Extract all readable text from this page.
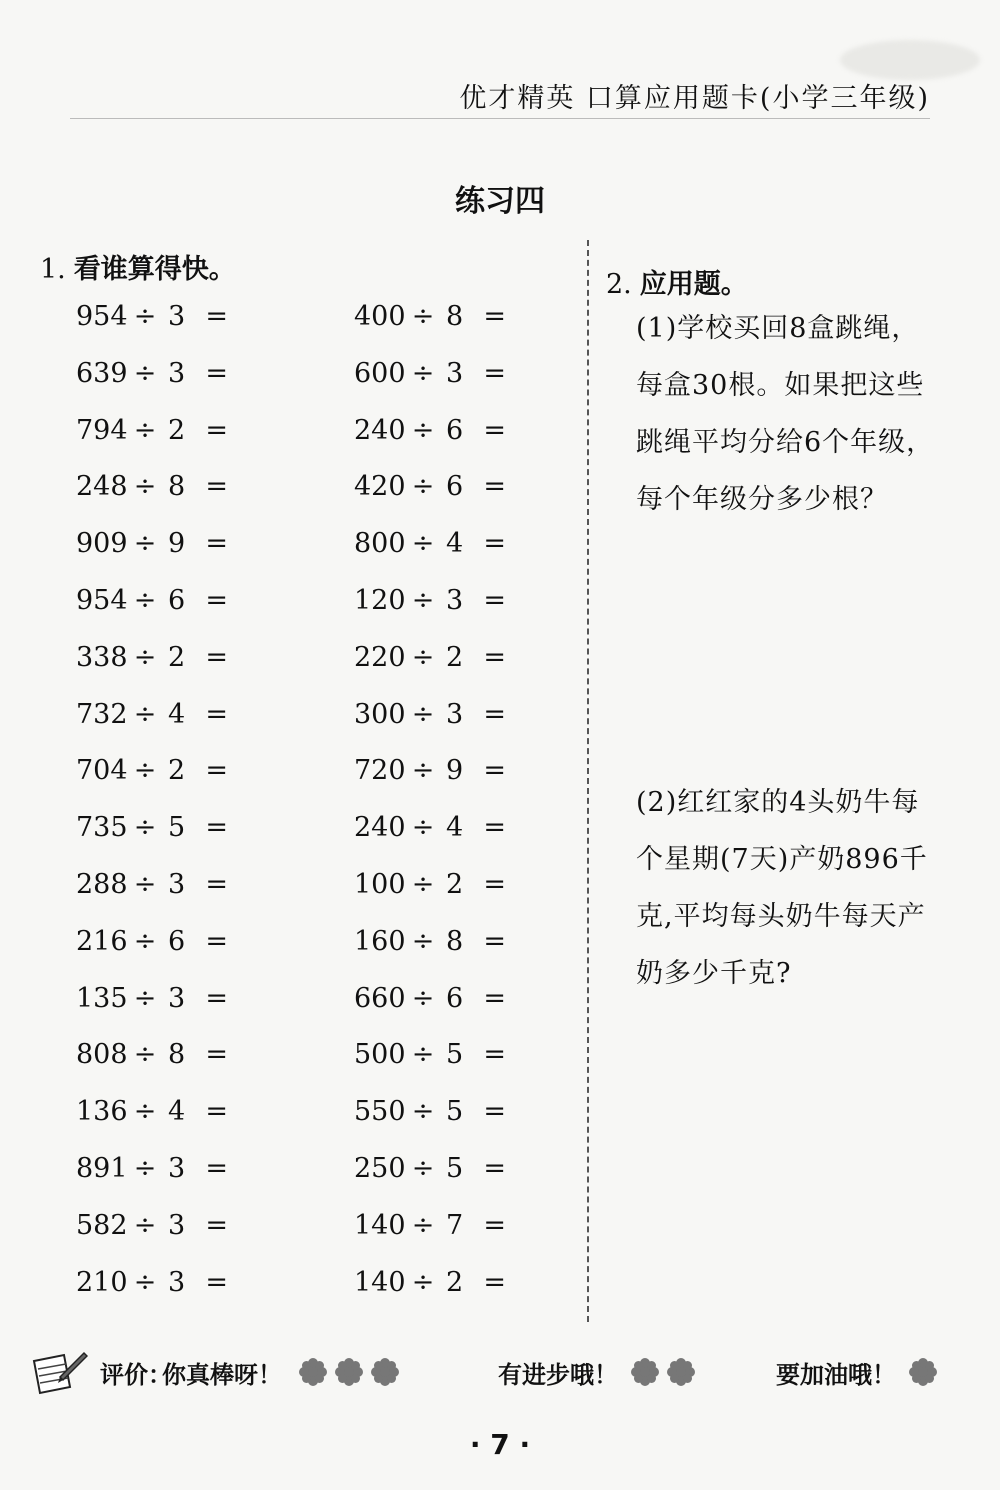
优才精英 口算应用题卡(小学三年级)
练习四
1. 看谁算得快。
954 ÷ 3 =
639 ÷ 3 =
794 ÷ 2 =
248 ÷ 8 =
909 ÷ 9 =
954 ÷ 6 =
338 ÷ 2 =
732 ÷ 4 =
704 ÷ 2 =
735 ÷ 5 =
288 ÷ 3 =
216 ÷ 6 =
135 ÷ 3 =
808 ÷ 8 =
136 ÷ 4 =
891 ÷ 3 =
582 ÷ 3 =
210 ÷ 3 =
400 ÷ 8 =
600 ÷ 3 =
240 ÷ 6 =
420 ÷ 6 =
800 ÷ 4 =
120 ÷ 3 =
220 ÷ 2 =
300 ÷ 3 =
720 ÷ 9 =
240 ÷ 4 =
100 ÷ 2 =
160 ÷ 8 =
660 ÷ 6 =
500 ÷ 5 =
550 ÷ 5 =
250 ÷ 5 =
140 ÷ 7 =
140 ÷ 2 =
2. 应用题。
(1)学校买回8盒跳绳，每盒30根。如果把这些跳绳平均分给6个年级，每个年级分多少根？
(2)红红家的4头奶牛每个星期(7天)产奶896千克,平均每头奶牛每天产奶多少千克?
评价：
你真棒呀！	有进步哦！	要加油哦！
· 7 ·
